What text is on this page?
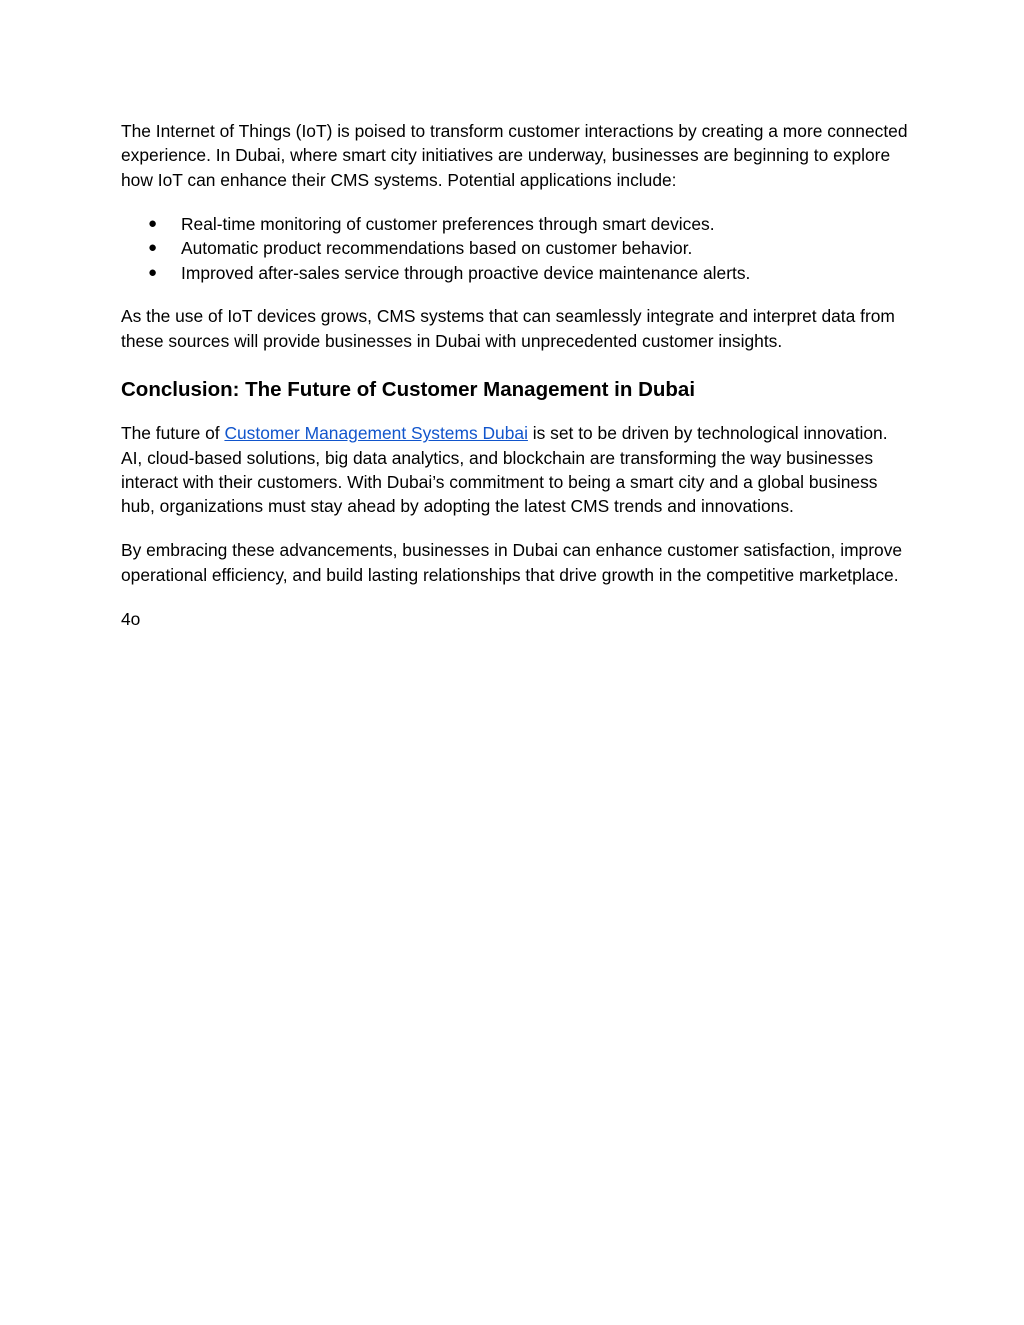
The Internet of Things (IoT) is poised to transform customer interactions by creating a more connected experience. In Dubai, where smart city initiatives are underway, businesses are beginning to explore how IoT can enhance their CMS systems. Potential applications include:

● Real-time monitoring of customer preferences through smart devices.
● Automatic product recommendations based on customer behavior.
● Improved after-sales service through proactive device maintenance alerts.

As the use of IoT devices grows, CMS systems that can seamlessly integrate and interpret data from these sources will provide businesses in Dubai with unprecedented customer insights.

Conclusion: The Future of Customer Management in Dubai

The future of Customer Management Systems Dubai is set to be driven by technological innovation. AI, cloud-based solutions, big data analytics, and blockchain are transforming the way businesses interact with their customers. With Dubai’s commitment to being a smart city and a global business hub, organizations must stay ahead by adopting the latest CMS trends and innovations.

By embracing these advancements, businesses in Dubai can enhance customer satisfaction, improve operational efficiency, and build lasting relationships that drive growth in the competitive marketplace.

4o
